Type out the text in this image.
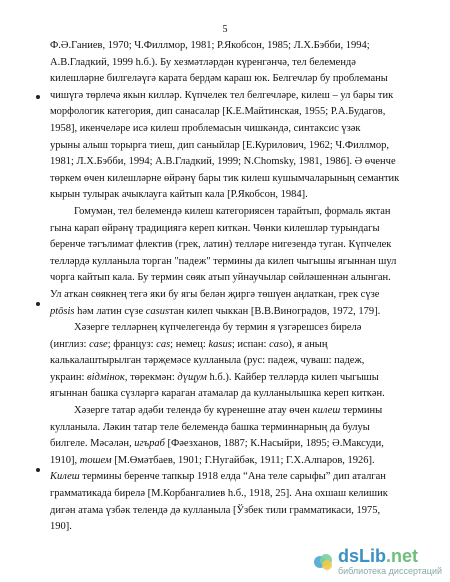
5

Ф.Ә.Ганиев, 1970; Ч.Филлмор, 1981; Р.Якобсон, 1985; Л.Х.Бэбби, 1994;

А.В.Гладкий, 1999 h.б.). Бу хезмәтләрдән күренгәнчә, тел белемендә

килешләрне билгеләүгә карата бердәм караш юк. Белгечләр бу проблеманы

чишүгә төрлечә якын килләр. Күпчелек тел белгечләре, килеш – ул бары тик

морфологик категория, дип санасалар [К.Е.Майтинская, 1955; Р.А.Будагов,

1958], икенчеләре исә килеш проблемасын чишкәндә, синтаксис үзәк

урыны алыш торырга тиеш, дип саныйлар [Е.Курилович, 1962; Ч.Филлмор,

1981; Л.Х.Бэбби, 1994; А.В.Гладкий, 1999; N.Chomsky, 1981, 1986]. Ә өченче

төркем өчен килешләрне өйрәнү бары тик килеш кушымчаларының семантик

кырын тулырак ачыклауга кайтып кала [Р.Якобсон, 1984].

Гомумән, тел белемендә килеш категориясен тарайтып, формаль яктан

гына карап өйрәнү традициягә кереп киткән. Чөнки килешләр турындагы

беренче тәгълимат флектив (грек, латин) телләре нигезендә туган. Күпчелек

телләрдә кулланыла торган "падеж" термины да килеп чыгышы ягыннан шул

чорга кайтып кала. Бу термин сөяк атып уйнаучылар сөйләшеннән алынган.

Ул аткан сөякнең тегә яки бу ягы белән җиргә төшүен аңлаткан, грек сүзе

ptōsis һәм латин сүзе casusтан килеп чыккан [В.В.Виноградов, 1972, 179].

Хәзерге телләрнең күпчелегендә бу термин я үзгәрешсез бирелә

(инглиз: case; француз: cas; немец: kasus; испан: caso), я аның

калькалаштырылган тәрҗемәсе кулланыла (рус: падеж, чуваш: падеж,

украин: відмінок, төрекмән: дүщум h.б.). Кайбер телләрдә килеп чыгышы

ягыннан башка сүзләргә караган атамалар да кулланылышка кереп киткән.

Хәзерге татар әдәби телендә бу күренешне атау өчен килеш термины

кулланыла. Ләкин татар теле белемендә башка терминнарның да булуы

билгеле. Мәсәлән, игъраб [Фәезханов, 1887; К.Насыйри, 1895; Ә.Максуди,

1910], тошем [М.Өмәтбаев, 1901; Г.Нугайбәк, 1911; Г.Х.Алпаров, 1926].

Килеш термины беренче тапкыр 1918 елда “Ана теле сарыфы” дип аталган

грамматикада бирелә [М.Корбангалиев h.б., 1918, 25]. Ана охшаш келишик

дигән атама үзбәк телендә дә кулланыла [Ўзбек тили грамматикаси, 1975,

190].

dsLib.net
библиотека диссертаций
